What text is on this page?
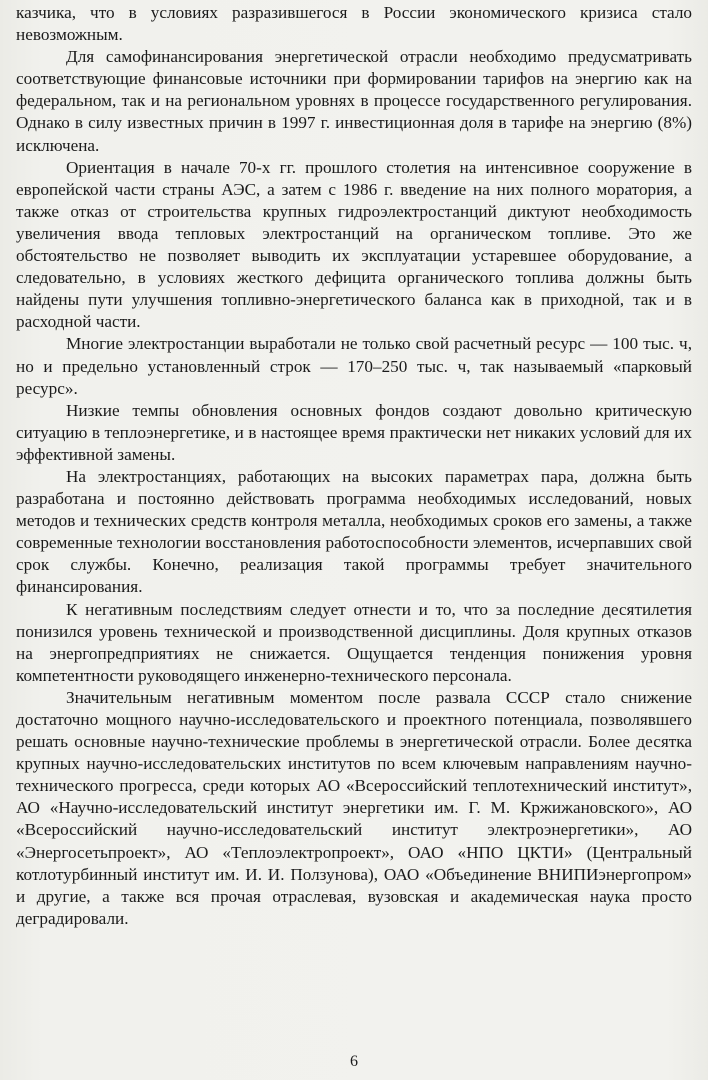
казчика, что в условиях разразившегося в России экономического кризиса стало невозможным.

Для самофинансирования энергетической отрасли необходимо предусматривать соответствующие финансовые источники при формировании тарифов на энергию как на федеральном, так и на региональном уровнях в процессе государственного регулирования. Однако в силу известных причин в 1997 г. инвестиционная доля в тарифе на энергию (8%) исключена.

Ориентация в начале 70-х гг. прошлого столетия на интенсивное сооружение в европейской части страны АЭС, а затем с 1986 г. введение на них полного моратория, а также отказ от строительства крупных гидроэлектростанций диктуют необходимость увеличения ввода тепловых электростанций на органическом топливе. Это же обстоятельство не позволяет выводить их эксплуатации устаревшее оборудование, а следовательно, в условиях жесткого дефицита органического топлива должны быть найдены пути улучшения топливно-энергетического баланса как в приходной, так и в расходной части.

Многие электростанции выработали не только свой расчетный ресурс — 100 тыс. ч, но и предельно установленный строк — 170–250 тыс. ч, так называемый «парковый ресурс».

Низкие темпы обновления основных фондов создают довольно критическую ситуацию в теплоэнергетике, и в настоящее время практически нет никаких условий для их эффективной замены.

На электростанциях, работающих на высоких параметрах пара, должна быть разработана и постоянно действовать программа необходимых исследований, новых методов и технических средств контроля металла, необходимых сроков его замены, а также современные технологии восстановления работоспособности элементов, исчерпавших свой срок службы. Конечно, реализация такой программы требует значительного финансирования.

К негативным последствиям следует отнести и то, что за последние десятилетия понизился уровень технической и производственной дисциплины. Доля крупных отказов на энергопредприятиях не снижается. Ощущается тенденция понижения уровня компетентности руководящего инженерно-технического персонала.

Значительным негативным моментом после развала СССР стало снижение достаточно мощного научно-исследовательского и проектного потенциала, позволявшего решать основные научно-технические проблемы в энергетической отрасли. Более десятка крупных научно-исследовательских институтов по всем ключевым направлениям научно-технического прогресса, среди которых АО «Всероссийский теплотехнический институт», АО «Научно-исследовательский институт энергетики им. Г. М. Кржижановского», АО «Всероссийский научно-исследовательский институт электроэнергетики», АО «Энергосетьпроект», АО «Теплоэлектропроект», ОАО «НПО ЦКТИ» (Центральный котлотурбинный институт им. И. И. Ползунова), ОАО «Объединение ВНИПИэнергопром» и другие, а также вся прочая отраслевая, вузовская и академическая наука просто деградировали.

6
